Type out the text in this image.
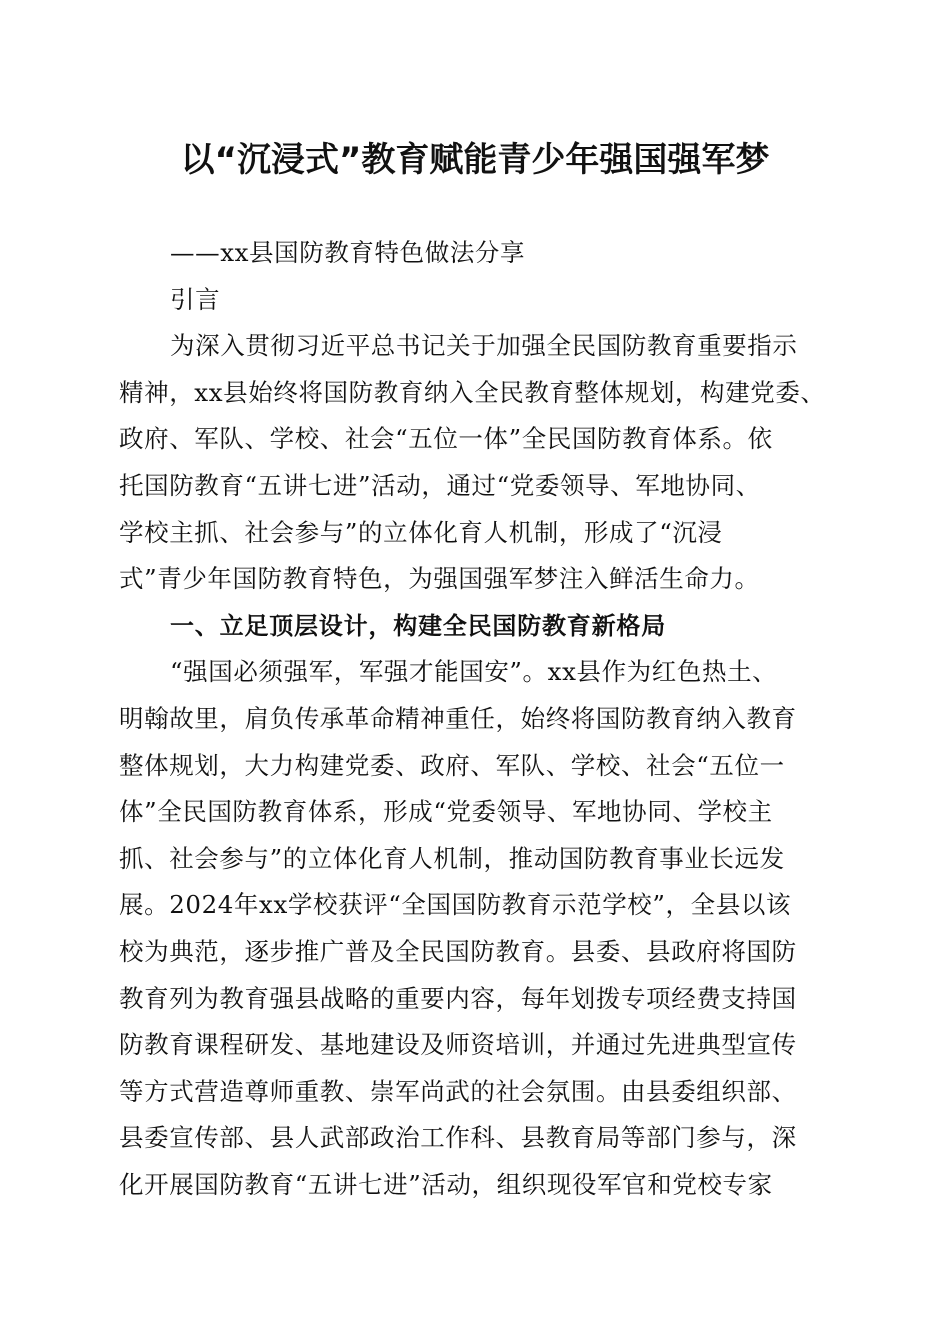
以“沉浸式”教育赋能青少年强国强军梦
——xx县国防教育特色做法分享
引言
为深入贯彻习近平总书记关于加强全民国防教育重要指示
精神，xx县始终将国防教育纳入全民教育整体规划，构建党委、
政府、军队、学校、社会“五位一体”全民国防教育体系。依
托国防教育“五讲七进”活动，通过“党委领导、军地协同、
学校主抓、社会参与”的立体化育人机制，形成了“沉浸
式”青少年国防教育特色，为强国强军梦注入鲜活生命力。
一、立足顶层设计，构建全民国防教育新格局
“强国必须强军，军强才能国安”。xx县作为红色热土、
明翰故里，肩负传承革命精神重任，始终将国防教育纳入教育
整体规划，大力构建党委、政府、军队、学校、社会“五位一
体”全民国防教育体系，形成“党委领导、军地协同、学校主
抓、社会参与”的立体化育人机制，推动国防教育事业长远发
展。2024年xx学校获评“全国国防教育示范学校”，全县以该
校为典范，逐步推广普及全民国防教育。县委、县政府将国防
教育列为教育强县战略的重要内容，每年划拨专项经费支持国
防教育课程研发、基地建设及师资培训，并通过先进典型宣传
等方式营造尊师重教、崇军尚武的社会氛围。由县委组织部、
县委宣传部、县人武部政治工作科、县教育局等部门参与，深
化开展国防教育“五讲七进”活动，组织现役军官和党校专家
